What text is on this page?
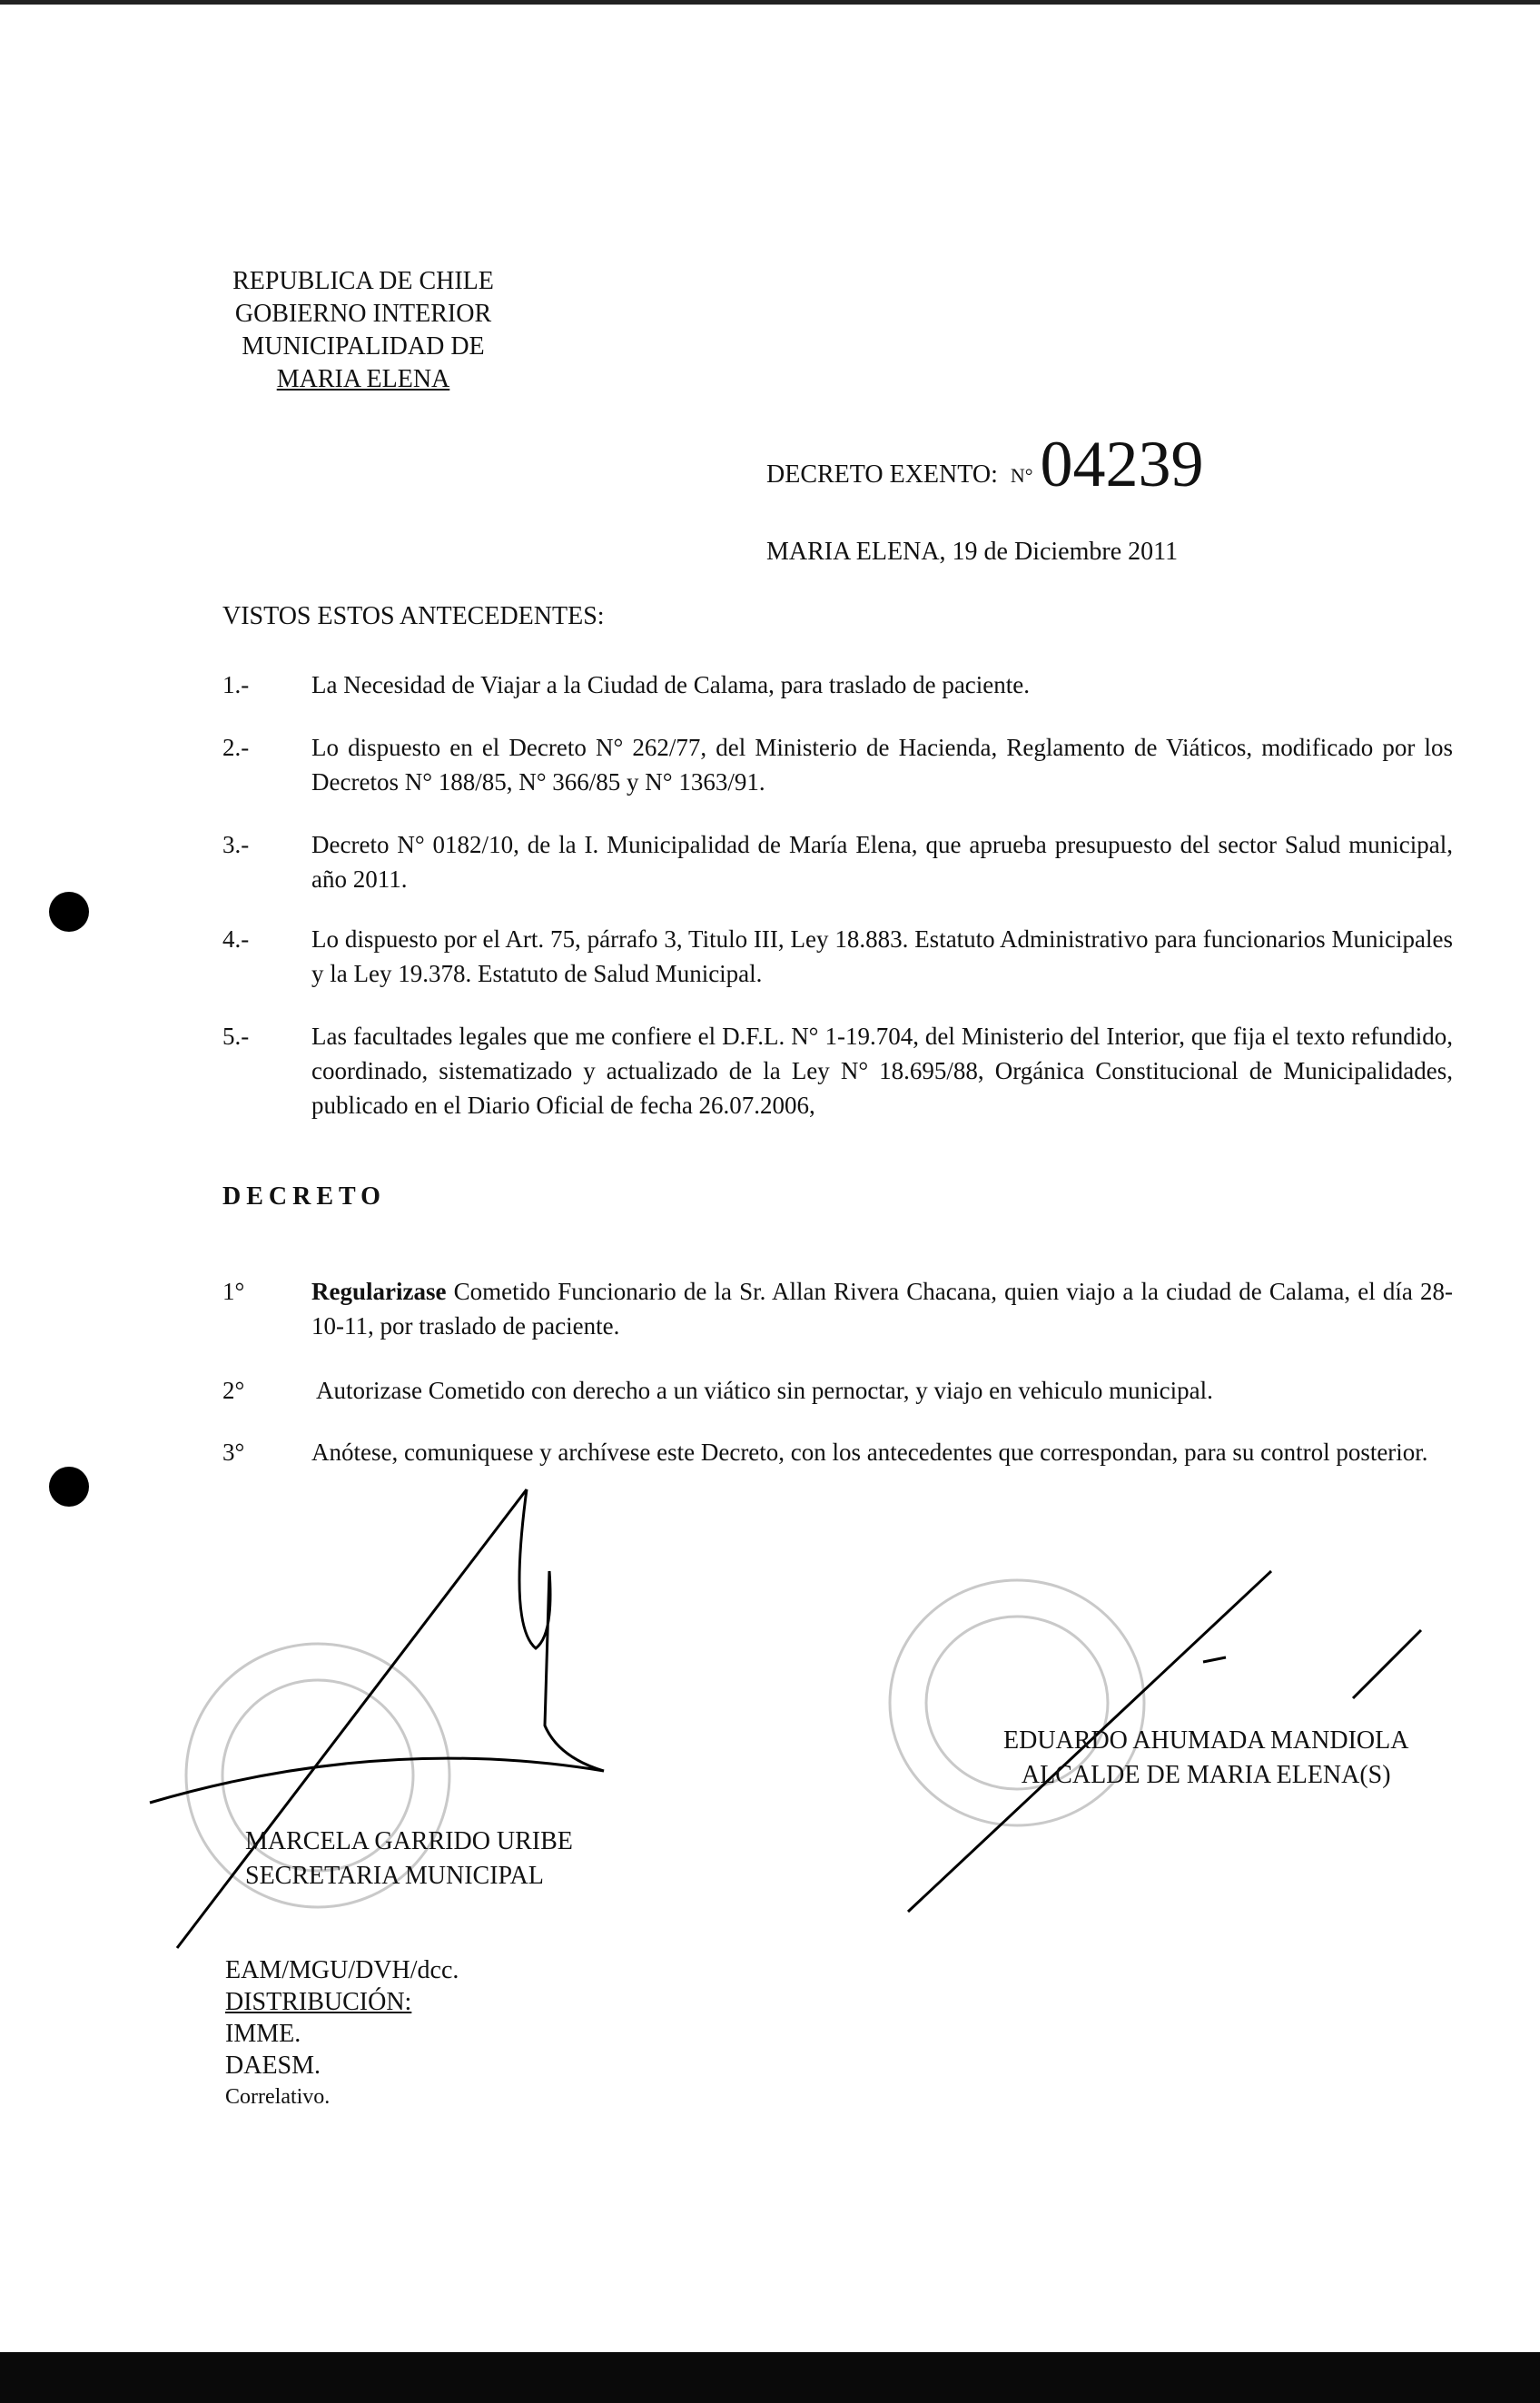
REPUBLICA DE CHILE
GOBIERNO INTERIOR
MUNICIPALIDAD DE
MARIA ELENA
DECRETO EXENTO: N° 04239
MARIA ELENA, 19 de Diciembre 2011
VISTOS ESTOS ANTECEDENTES:
1.-	La Necesidad de Viajar a la Ciudad de Calama, para traslado de paciente.
2.-	Lo dispuesto en el Decreto N° 262/77, del Ministerio de Hacienda, Reglamento de Viáticos, modificado por los Decretos N° 188/85, N° 366/85 y N° 1363/91.
3.-	Decreto N° 0182/10, de la I. Municipalidad de María Elena, que aprueba presupuesto del sector Salud municipal, año 2011.
4.-	Lo dispuesto por el Art. 75, párrafo 3, Titulo III, Ley 18.883. Estatuto Administrativo para funcionarios Municipales y la Ley 19.378. Estatuto de Salud Municipal.
5.-	Las facultades legales que me confiere el D.F.L. N° 1-19.704, del Ministerio del Interior, que fija el texto refundido, coordinado, sistematizado y actualizado de la Ley N° 18.695/88, Orgánica Constitucional de Municipalidades, publicado en el Diario Oficial de fecha 26.07.2006,
DECRETO
1°	Regularizase Cometido Funcionario de la Sr. Allan Rivera Chacana, quien viajo a la ciudad de Calama, el día 28-10-11, por traslado de paciente.
2°	Autorizase Cometido con derecho a un viático sin pernoctar, y viajo en vehiculo municipal.
3°	Anótese, comuniquese y archívese este Decreto, con los antecedentes que correspondan, para su control posterior.
MARCELA GARRIDO URIBE
SECRETARIA MUNICIPAL
EDUARDO AHUMADA MANDIOLA
ALCALDE DE MARIA ELENA(S)
EAM/MGU/DVH/dcc.
DISTRIBUCIÓN:
IMME.
DAESM.
Correlativo.
